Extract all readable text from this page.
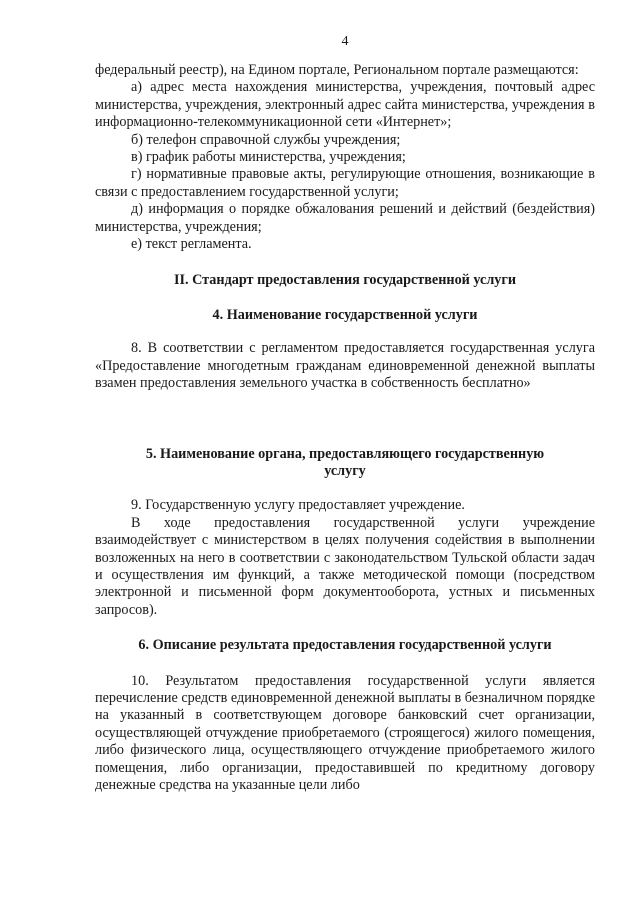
4

федеральный реестр), на Едином портале, Региональном портале размещаются:

а) адрес места нахождения министерства, учреждения, почтовый адрес министерства, учреждения, электронный адрес сайта министерства, учреждения в информационно-телекоммуникационной сети «Интернет»;

б) телефон справочной службы учреждения;

в) график работы министерства, учреждения;

г) нормативные правовые акты, регулирующие отношения, возникающие в связи с предоставлением государственной услуги;

д) информация о порядке обжалования решений и действий (бездействия) министерства, учреждения;

е) текст регламента.

II. Стандарт предоставления государственной услуги
4. Наименование государственной услуги

8. В соответствии с регламентом предоставляется государственная услуга «Предоставление многодетным гражданам единовременной денежной выплаты взамен предоставления земельного участка в собственность бесплатно»

5. Наименование органа, предоставляющего государственную
услугу

9. Государственную услугу предоставляет учреждение.

В ходе предоставления государственной услуги учреждение взаимодействует с министерством в целях получения содействия в выполнении возложенных на него в соответствии с законодательством Тульской области задач и осуществления им функций, а также методической помощи (посредством электронной и письменной форм документооборота, устных и письменных запросов).

6. Описание результата предоставления государственной услуги

10. Результатом предоставления государственной услуги является перечисление средств единовременной денежной выплаты в безналичном порядке на указанный в соответствующем договоре банковский счет организации, осуществляющей отчуждение приобретаемого (строящегося) жилого помещения, либо физического лица, осуществляющего отчуждение приобретаемого жилого помещения, либо организации, предоставившей по кредитному договору денежные средства на указанные цели либо
